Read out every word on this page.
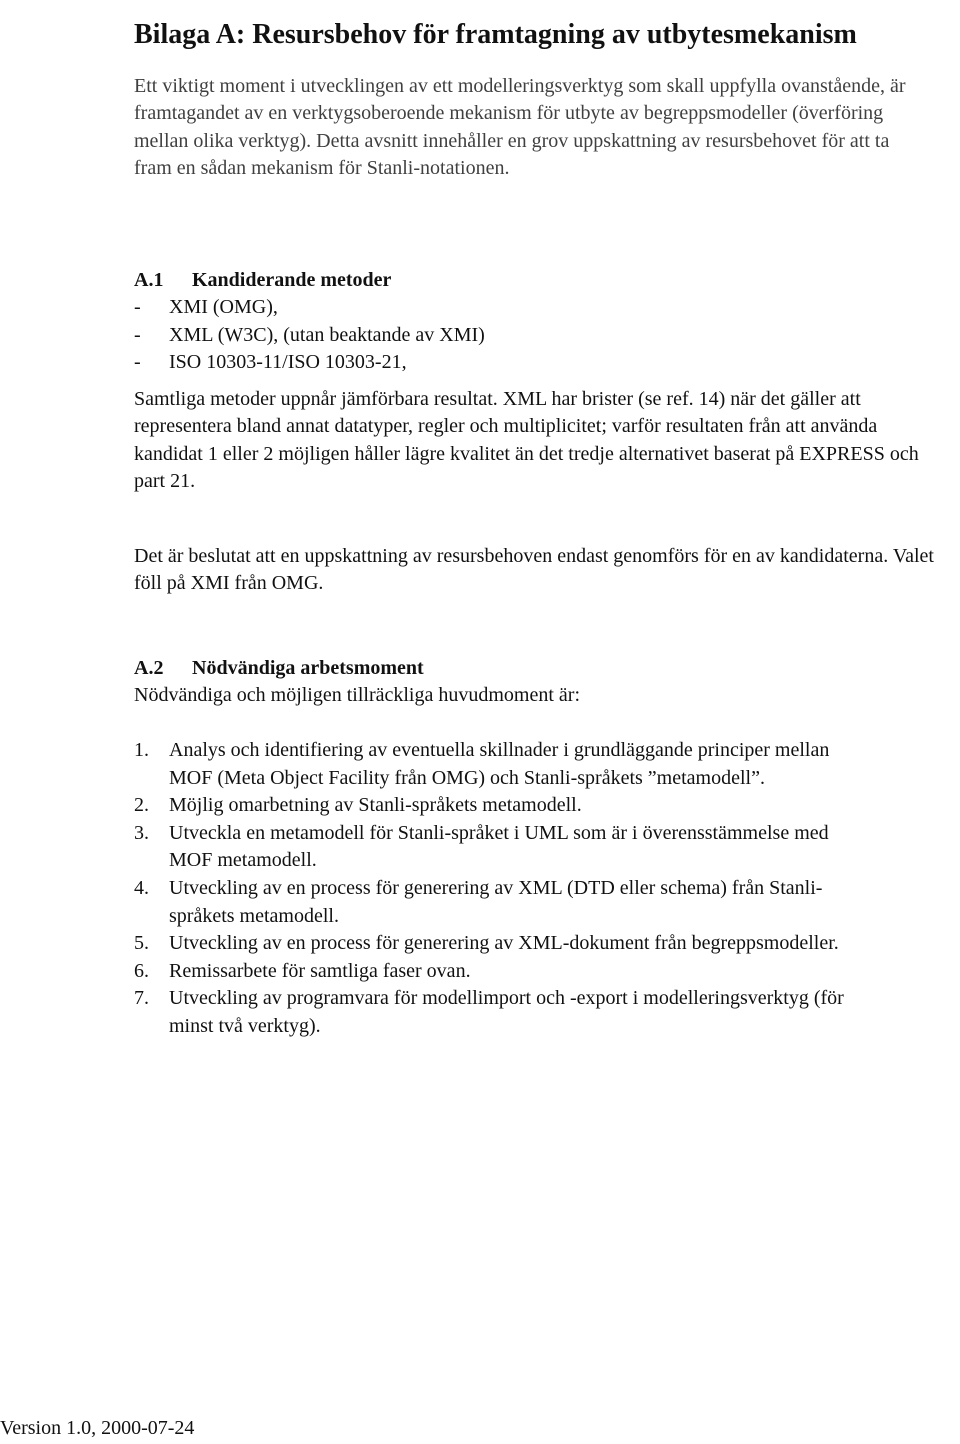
Bilaga A: Resursbehov för framtagning av utbytesmekanism

Ett viktigt moment i utvecklingen av ett modelleringsverktyg som skall uppfylla ovanstående, är framtagandet av en verktygsoberoende mekanism för utbyte av begreppsmodeller (överföring mellan olika verktyg). Detta avsnitt innehåller en grov uppskattning av resursbehovet för att ta fram en sådan mekanism för Stanli-notationen.

A.1 Kandiderande metoder
- XMI (OMG),
- XML (W3C), (utan beaktande av XMI)
- ISO 10303-11/ISO 10303-21,

Samtliga metoder uppnår jämförbara resultat. XML har brister (se ref. 14) när det gäller att representera bland annat datatyper, regler och multiplicitet; varför resultaten från att använda kandidat 1 eller 2 möjligen håller lägre kvalitet än det tredje alternativet baserat på EXPRESS och part 21.

Det är beslutat att en uppskattning av resursbehoven endast genomförs för en av kandidaterna. Valet föll på XMI från OMG.

A.2 Nödvändiga arbetsmoment

Nödvändiga och möjligen tillräckliga huvudmoment är:

1. Analys och identifiering av eventuella skillnader i grundläggande principer mellan MOF (Meta Object Facility från OMG) och Stanli-språkets ”metamodell”.
2. Möjlig omarbetning av Stanli-språkets metamodell.
3. Utveckla en metamodell för Stanli-språket i UML som är i överensstämmelse med MOF metamodell.
4. Utveckling av en process för generering av XML (DTD eller schema) från Stanli-språkets metamodell.
5. Utveckling av en process för generering av XML-dokument från begreppsmodeller.
6. Remissarbete för samtliga faser ovan.
7. Utveckling av programvara för modellimport och -export i modelleringsverktyg (för minst två verktyg).
Version 1.0, 2000-07-24
